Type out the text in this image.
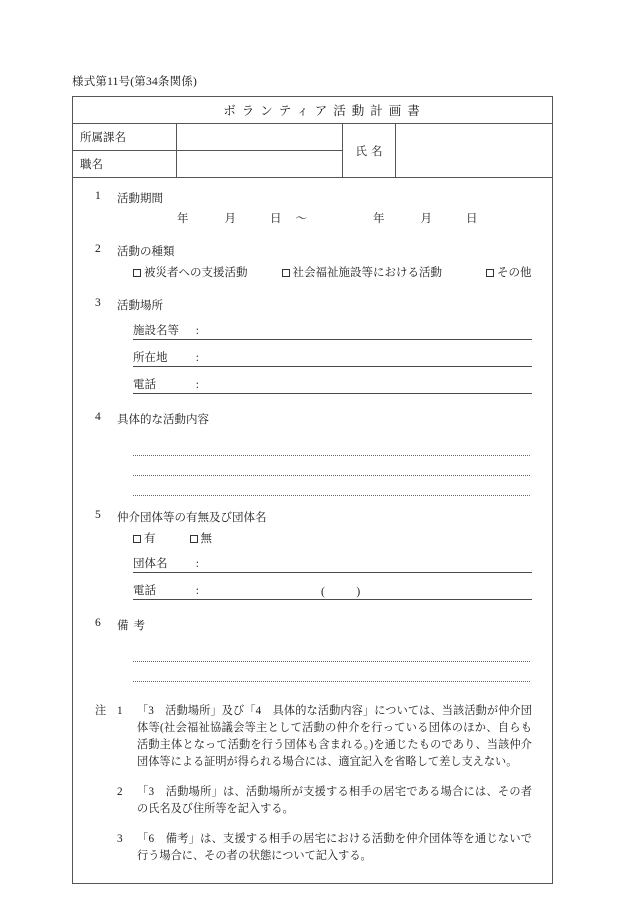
様式第11号(第34条関係)
ボランティア活動計画書
所属課名
職名
氏名
1	活動期間
年	月	日 ～	年	月	日
2	活動の種類
被災者への支援活動	社会福祉施設等における活動	その他
3	活動場所
施設名等	:
所在地	:
電話	:
4	具体的な活動内容
5	仲介団体等の有無及び団体名
有	無
団体名	:
電話	:	(　)
6	備考
注 1	「3　活動場所」及び「4　具体的な活動内容」については、当該活動が仲介団体等(社会福祉協議会等主として活動の仲介を行っている団体のほか、自らも活動主体となって活動を行う団体も含まれる。)を通じたものであり、当該仲介団体等による証明が得られる場合には、適宜記入を省略して差し支えない。
2	「3　活動場所」は、活動場所が支援する相手の居宅である場合には、その者の氏名及び住所等を記入する。
3	「6　備考」は、支援する相手の居宅における活動を仲介団体等を通じないで行う場合に、その者の状態について記入する。
